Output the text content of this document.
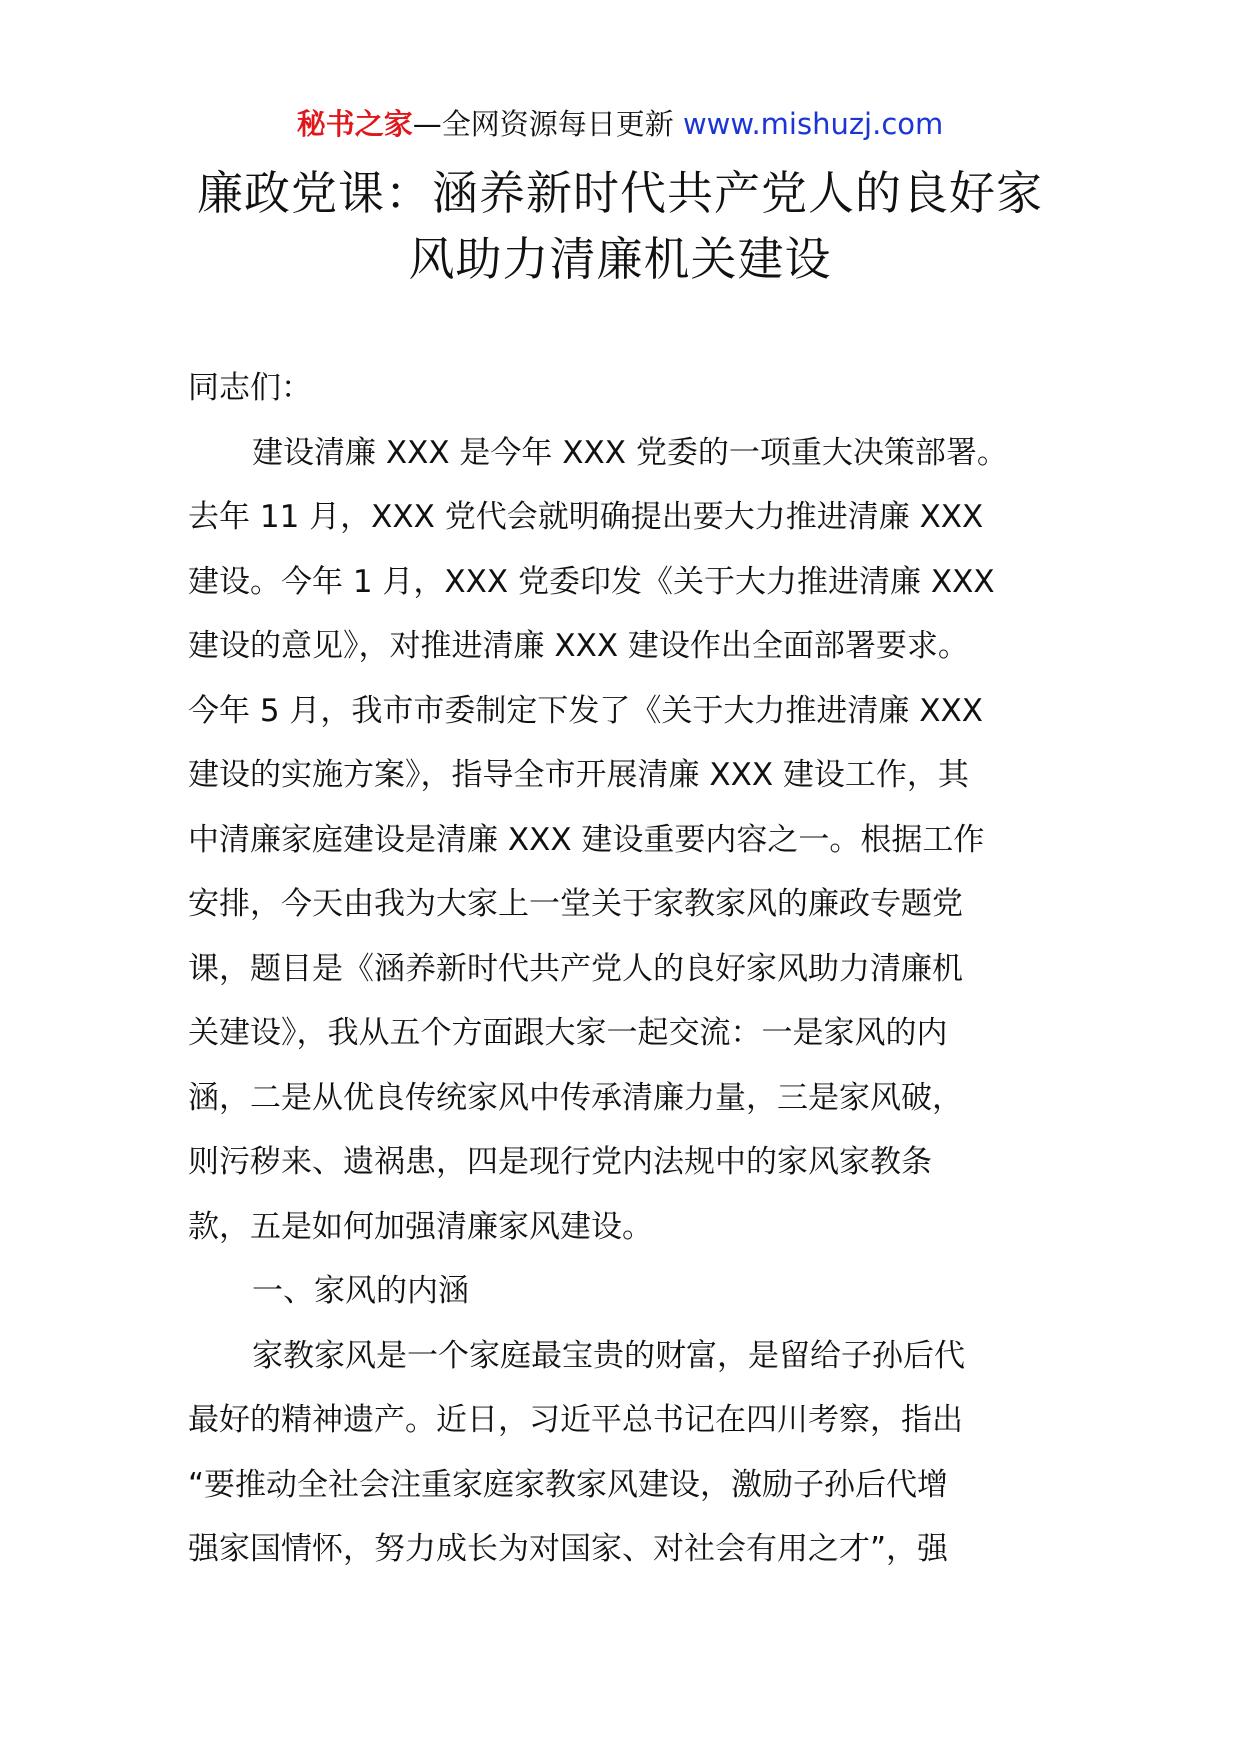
秘书之家—全网资源每日更新 www.mishuzj.com
廉政党课：涵养新时代共产党人的良好家
风助力清廉机关建设

同志们：

建设清廉 XXX 是今年 XXX 党委的一项重大决策部署。
去年 11 月，XXX 党代会就明确提出要大力推进清廉 XXX
建设。今年 1 月，XXX 党委印发《关于大力推进清廉 XXX
建设的意见》，对推进清廉 XXX 建设作出全面部署要求。
今年 5 月，我市市委制定下发了《关于大力推进清廉 XXX
建设的实施方案》，指导全市开展清廉 XXX 建设工作，其
中清廉家庭建设是清廉 XXX 建设重要内容之一。根据工作
安排，今天由我为大家上一堂关于家教家风的廉政专题党
课，题目是《涵养新时代共产党人的良好家风助力清廉机
关建设》，我从五个方面跟大家一起交流：一是家风的内
涵，二是从优良传统家风中传承清廉力量，三是家风破，
则污秽来、遗祸患，四是现行党内法规中的家风家教条
款，五是如何加强清廉家风建设。

一、家风的内涵

家教家风是一个家庭最宝贵的财富，是留给子孙后代
最好的精神遗产。近日，习近平总书记在四川考察，指出
“要推动全社会注重家庭家教家风建设，激励子孙后代增
强家国情怀，努力成长为对国家、对社会有用之才”，强
